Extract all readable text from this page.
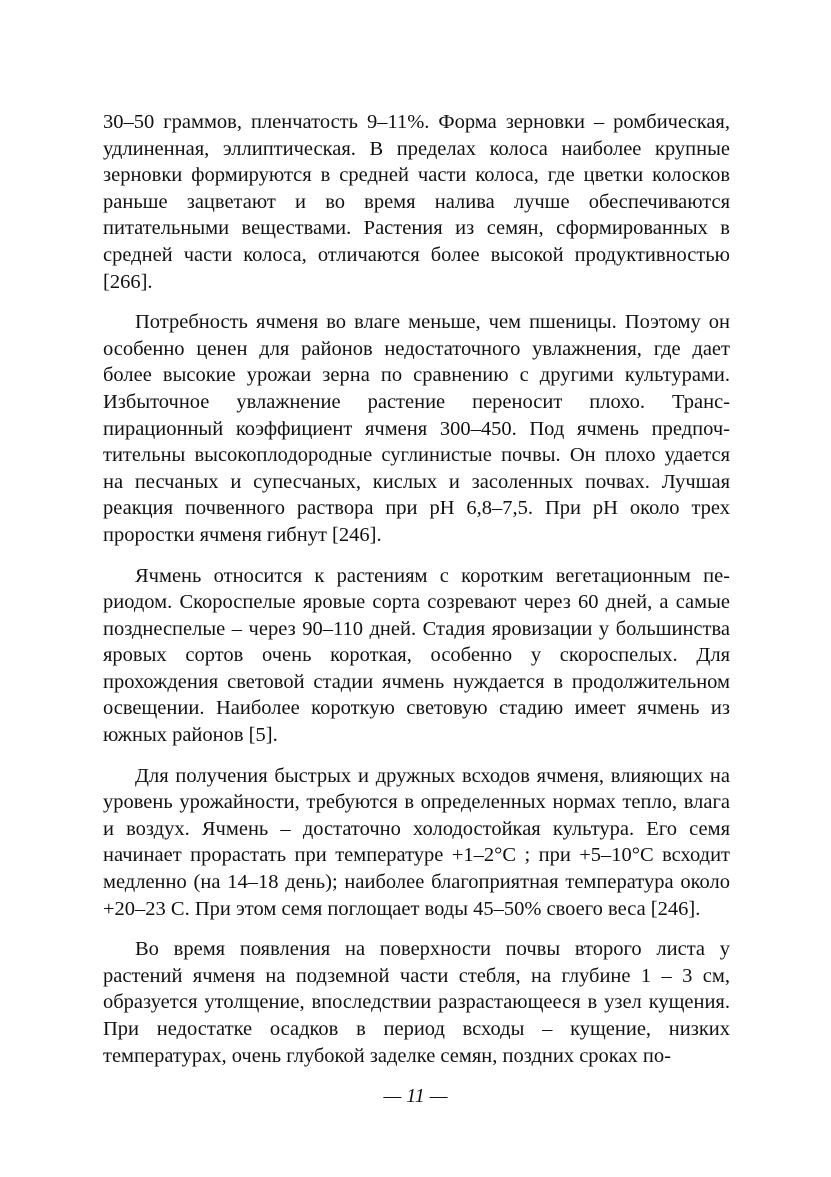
30–50 граммов, пленчатость 9–11%. Форма зерновки – ромбическая, удлиненная, эллиптическая. В пределах колоса наиболее крупные зерновки формируются в средней части колоса, где цветки колосков раньше зацветают и во время налива лучше обеспечиваются питательными веществами. Растения из семян, сформированных в средней части колоса, отличаются более высокой продуктивностью [266].

Потребность ячменя во влаге меньше, чем пшеницы. Поэтому он особенно ценен для районов недостаточного увлажнения, где дает более высокие урожаи зерна по сравнению с другими культурами. Избыточное увлажнение растение переносит плохо. Транспирационный коэффициент ячменя 300–450. Под ячмень предпочтительны высокоплодородные суглинистые почвы. Он плохо удается на песчаных и супесчаных, кислых и засоленных почвах. Лучшая реакция почвенного раствора при pH 6,8–7,5. При pH около трех проростки ячменя гибнут [246].

Ячмень относится к растениям с коротким вегетационным периодом. Скороспелые яровые сорта созревают через 60 дней, а самые позднеспелые – через 90–110 дней. Стадия яровизации у большинства яровых сортов очень короткая, особенно у скороспелых. Для прохождения световой стадии ячмень нуждается в продолжительном освещении. Наиболее короткую световую стадию имеет ячмень из южных районов [5].

Для получения быстрых и дружных всходов ячменя, влияющих на уровень урожайности, требуются в определенных нормах тепло, влага и воздух. Ячмень – достаточно холодостойкая культура. Его семя начинает прорастать при температуре +1–2°C ; при +5–10°C всходит медленно (на 14–18 день); наиболее благоприятная температура около +20–23 С. При этом семя поглощает воды 45–50% своего веса [246].

Во время появления на поверхности почвы второго листа у растений ячменя на подземной части стебля, на глубине 1 – 3 см, образуется утолщение, впоследствии разрастающееся в узел кущения. При недостатке осадков в период всходы – кущение, низких температурах, очень глубокой заделке семян, поздних сроках по-

— 11 —
